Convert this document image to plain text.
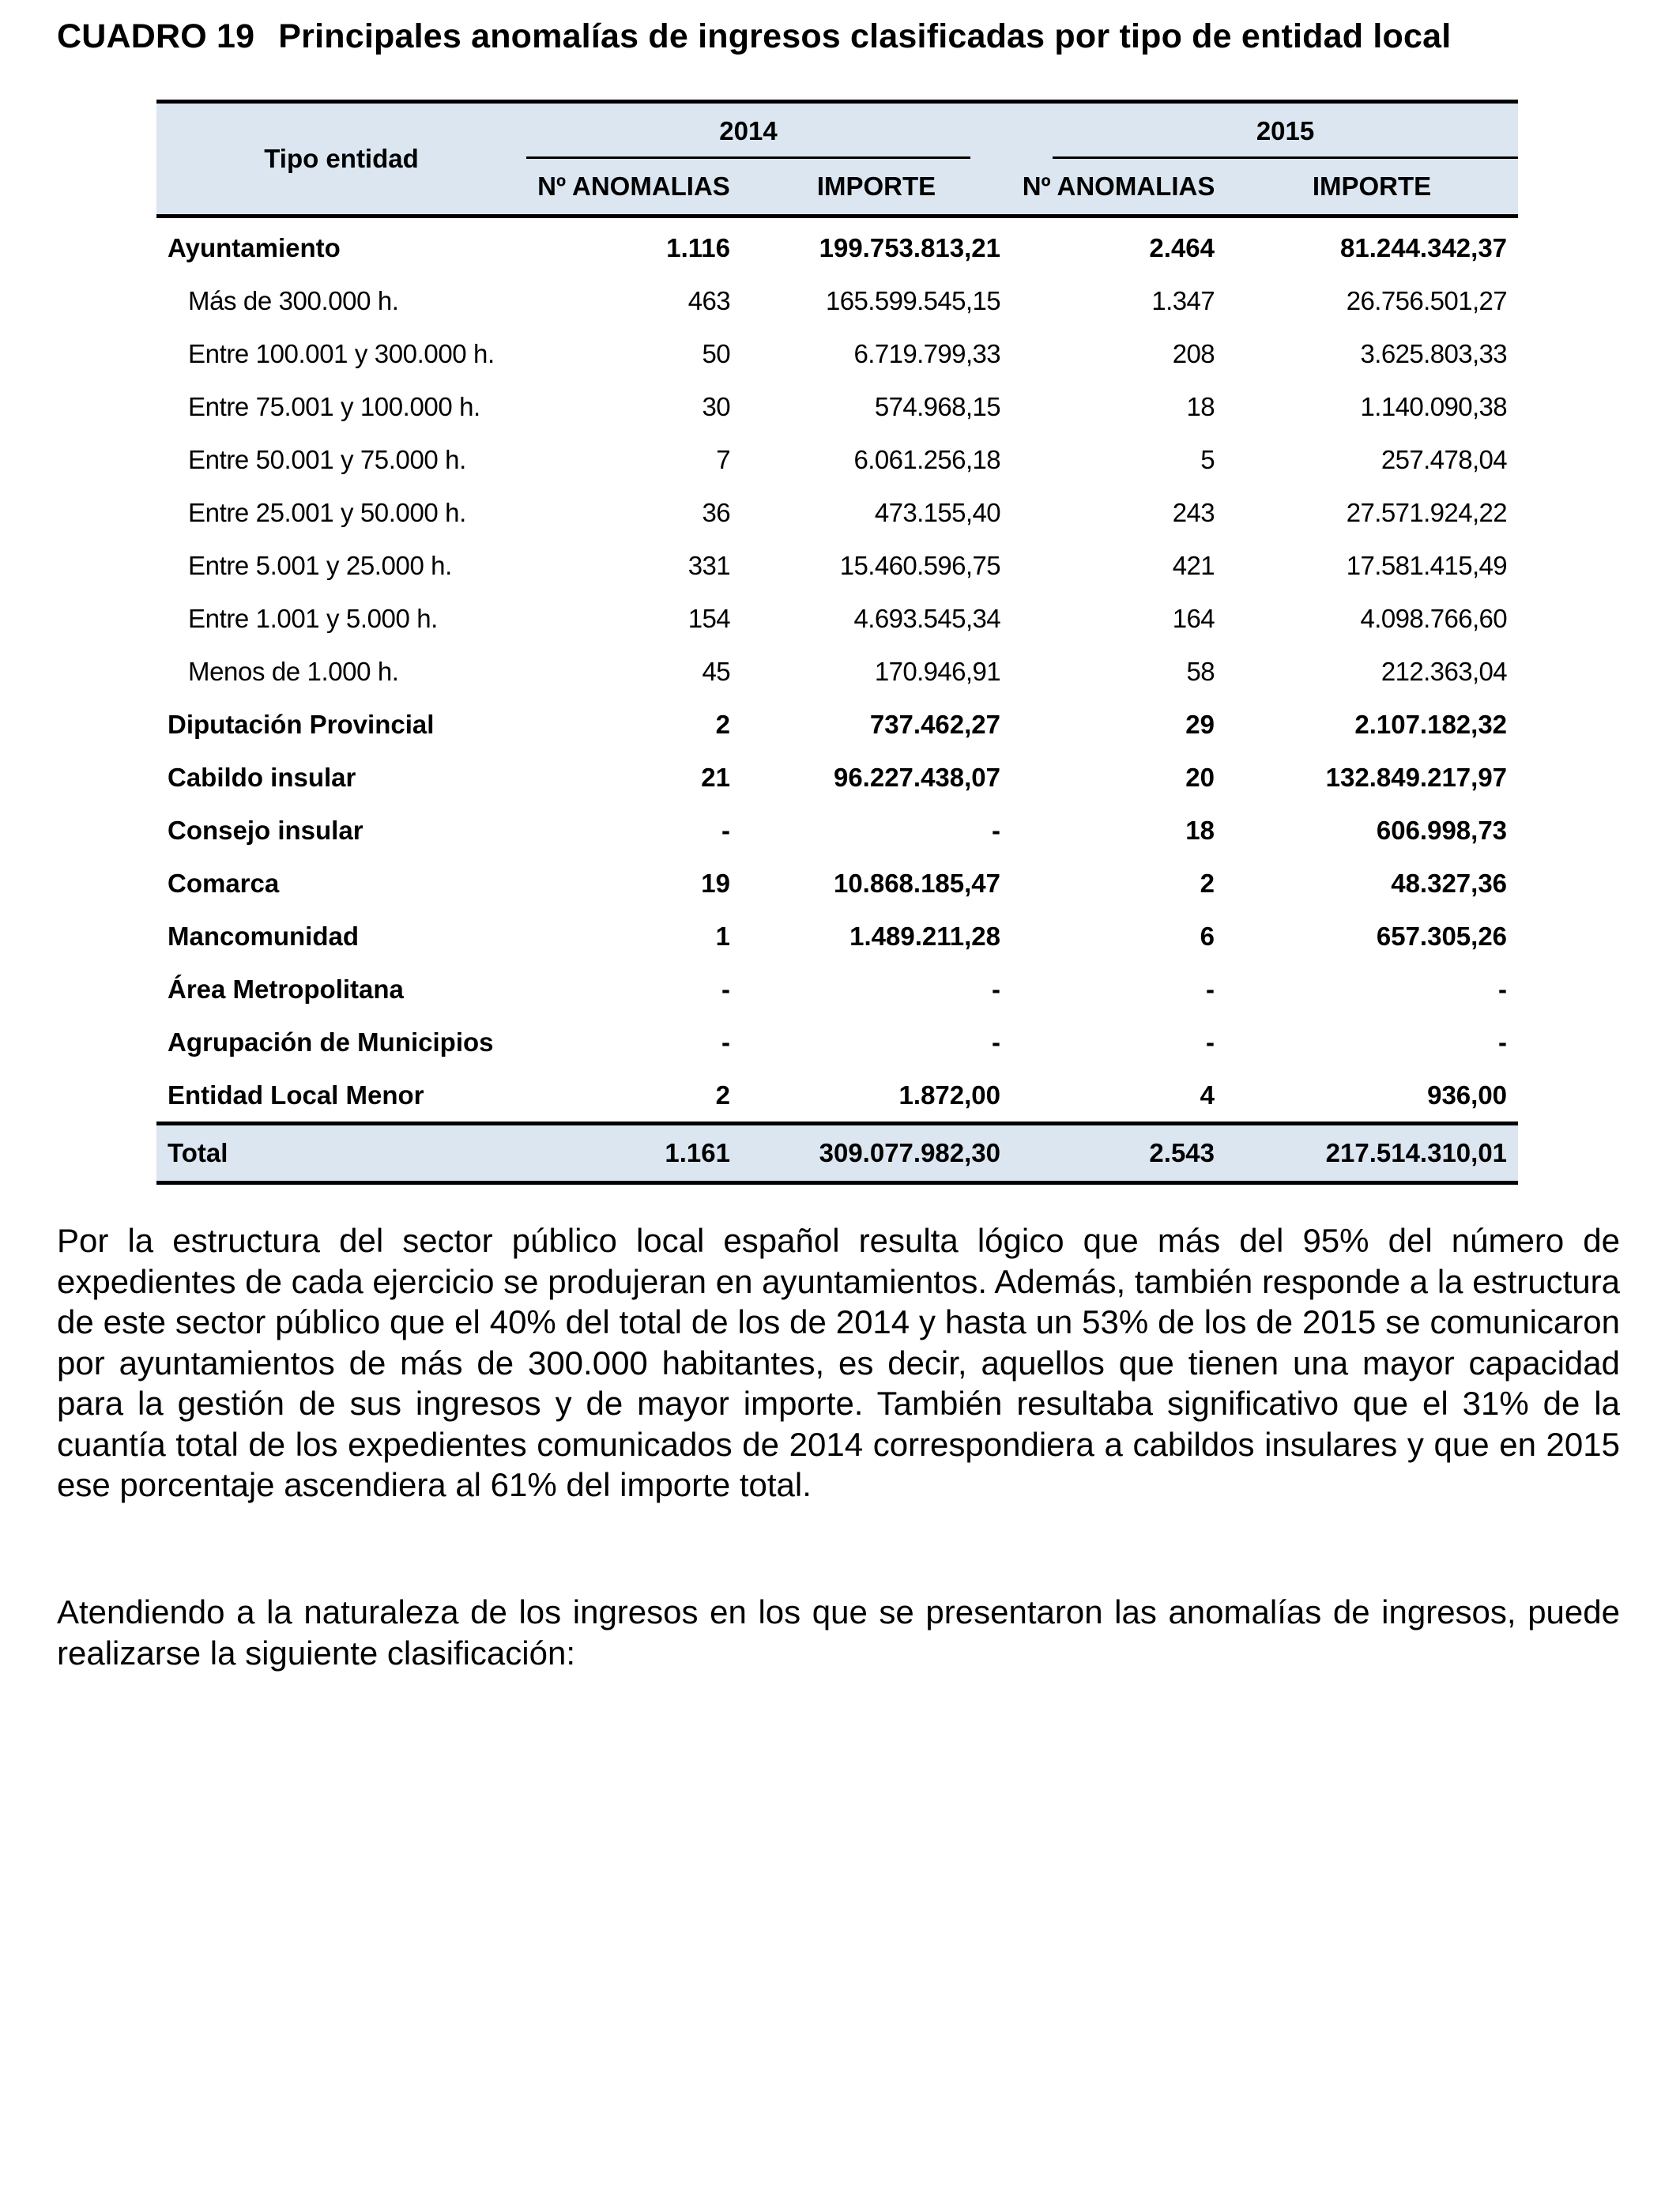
CUADRO 19 Principales anomalías de ingresos clasificadas por tipo de entidad local
Tipo entidad	2014		2015	

	Nº ANOMALIAS	IMPORTE	Nº ANOMALIAS	IMPORTE
Ayuntamiento	1.116	199.753.813,21	2.464	81.244.342,37
Más de 300.000 h.	463	165.599.545,15	1.347	26.756.501,27
Entre 100.001 y 300.000 h.	50	6.719.799,33	208	3.625.803,33
Entre 75.001 y 100.000 h.	30	574.968,15	18	1.140.090,38
Entre 50.001 y 75.000 h.	7	6.061.256,18	5	257.478,04
Entre 25.001 y 50.000 h.	36	473.155,40	243	27.571.924,22
Entre 5.001 y 25.000 h.	331	15.460.596,75	421	17.581.415,49
Entre 1.001 y 5.000 h.	154	4.693.545,34	164	4.098.766,60
Menos de 1.000 h.	45	170.946,91	58	212.363,04
Diputación Provincial	2	737.462,27	29	2.107.182,32
Cabildo insular	21	96.227.438,07	20	132.849.217,97
Consejo insular	-	-	18	606.998,73
Comarca	19	10.868.185,47	2	48.327,36
Mancomunidad	1	1.489.211,28	6	657.305,26
Área Metropolitana	-	-	-	-
Agrupación de Municipios	-	-	-	-
Entidad Local Menor	2	1.872,00	4	936,00
Total	1.161	309.077.982,30	2.543	217.514.310,01

Por la estructura del sector público local español resulta lógico que más del 95% del número de expedientes de cada ejercicio se produjeran en ayuntamientos. Además, también responde a la estructura de este sector público que el 40% del total de los de 2014 y hasta un 53% de los de 2015 se comunicaron por ayuntamientos de más de 300.000 habitantes, es decir, aquellos que tienen una mayor capacidad para la gestión de sus ingresos y de mayor importe. También resultaba significativo que el 31% de la cuantía total de los expedientes comunicados de 2014 correspondiera a cabildos insulares y que en 2015 ese porcentaje ascendiera al 61% del importe total.

Atendiendo a la naturaleza de los ingresos en los que se presentaron las anomalías de ingresos, puede realizarse la siguiente clasificación:
